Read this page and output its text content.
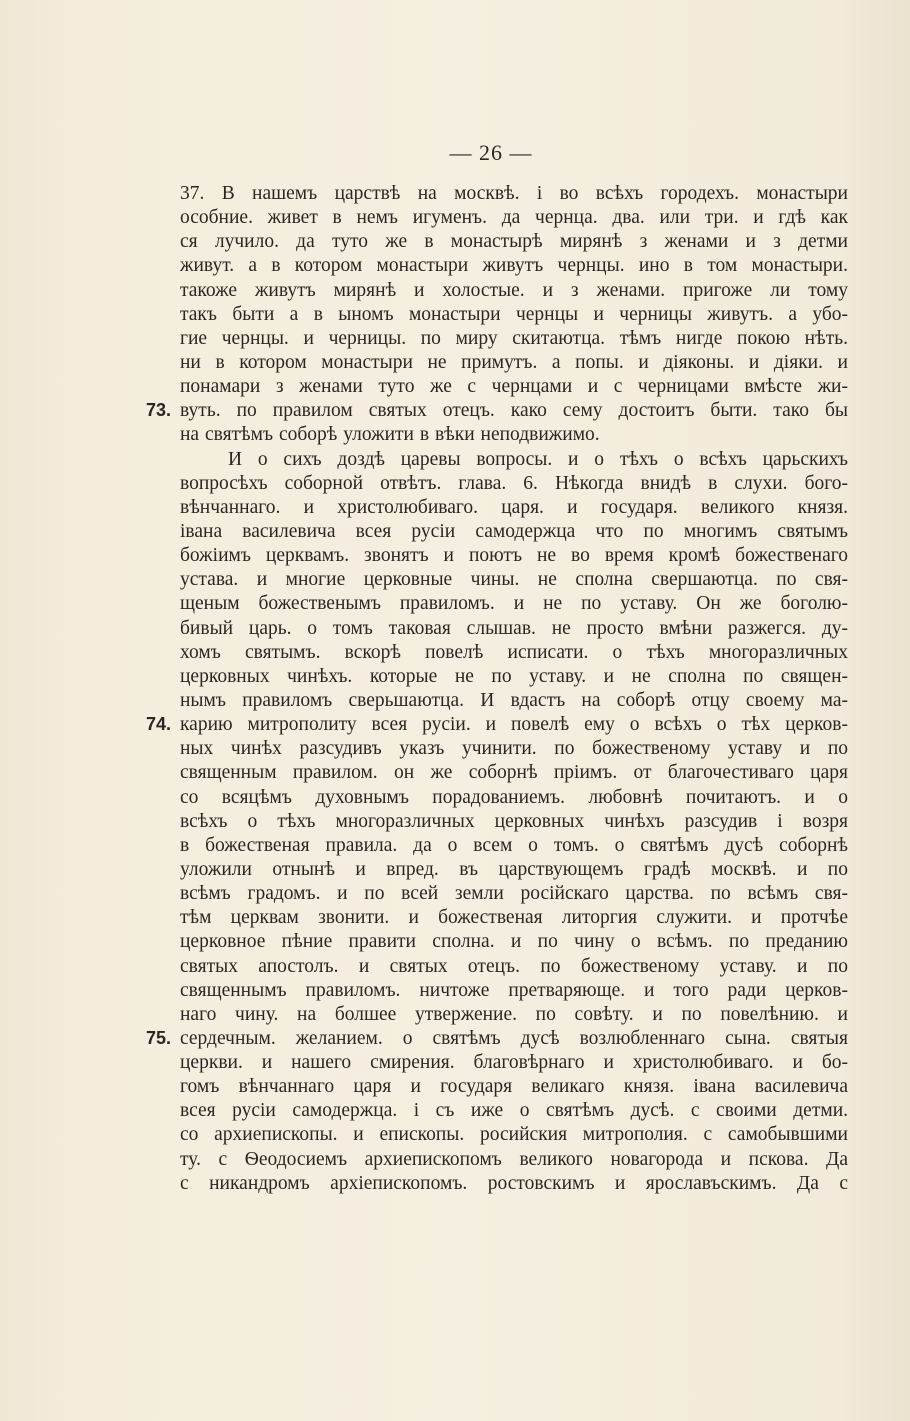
— 26 —
73.
74.
75.
37. В нашемъ царствѣ на москвѣ. і во всѣхъ городехъ. монастыри
особние. живет в немъ игуменъ. да чернца. два. или три. и гдѣ как
ся лучило. да туто же в монастырѣ мирянѣ з женами и з детми
живут. а в котором монастыри живутъ чернцы. ино в том монастыри.
такоже живутъ мирянѣ и холостые. и з женами. пригоже ли тому
такъ быти а в ыномъ монастыри чернцы и черницы живутъ. а убо-
гие чернцы. и черницы. по миру скитаютца. тѣмъ нигде покою нѣть.
ни в котором монастыри не примутъ. а попы. и діяконы. и діяки. и
понамари з женами туто же с чернцами и с черницами вмѣсте жи-
вуть. по правилом святых отецъ. како сему достоитъ быти. тако бы
на святѣмъ соборѣ уложити в вѣки неподвижимо.
И о сихъ доздѣ царевы вопросы. и о тѣхъ о всѣхъ царьскихъ
вопросѣхъ соборной отвѣтъ. глава. 6. Нѣкогда внидѣ в слухи. бого-
вѣнчаннаго. и христолюбиваго. царя. и государя. великого князя.
івана василевича всея русіи самодержца что по многимъ святымъ
божіимъ церквамъ. звонятъ и поютъ не во время кромѣ божественаго
устава. и многие церковные чины. не сполна свершаютца. по свя-
щеным божественымъ правиломъ. и не по уставу. Он же боголю-
бивый царь. о томъ таковая слышав. не просто вмѣни разжегся. ду-
хомъ святымъ. вскорѣ повелѣ исписати. о тѣхъ многоразличных
церковных чинѣхъ. которые не по уставу. и не сполна по священ-
нымъ правиломъ сверьшаютца. И вдастъ на соборѣ отцу своему ма-
карию митрополиту всея русіи. и повелѣ ему о всѣхъ о тѣх церков-
ных чинѣх разсудивъ указъ учинити. по божественому уставу и по
священным правилом. он же соборнѣ пріимъ. от благочестиваго царя
со всяцѣмъ духовнымъ порадованиемъ. любовнѣ почитаютъ. и о
всѣхъ о тѣхъ многоразличных церковных чинѣхъ разсудив і возря
в божественая правила. да о всем о томъ. о святѣмъ дусѣ соборнѣ
уложили отнынѣ и впред. въ царствующемъ градѣ москвѣ. и по
всѣмъ градомъ. и по всей земли російскаго царства. по всѣмъ свя-
тѣм церквам звонити. и божественая литоргия служити. и протчѣе
церковное пѣние правити сполна. и по чину о всѣмъ. по преданию
святых апостолъ. и святых отецъ. по божественому уставу. и по
священнымъ правиломъ. ничтоже претваряюще. и того ради церков-
наго чину. на болшее утвержение. по совѣту. и по повелѣнию. и
сердечным. желанием. о святѣмъ дусѣ возлюбленнаго сына. святыя
церкви. и нашего смирения. благовѣрнаго и христолюбиваго. и бо-
гомъ вѣнчаннаго царя и государя великаго князя. івана василевича
всея русіи самодержца. і съ иже о святѣмъ дусѣ. с своими детми.
со архиепископы. и епископы. росийския митрополия. с самобывшими
ту. с Ѳеодосиемъ архиепископомъ великого новагорода и пскова. Да
с никандромъ архіепископомъ. ростовскимъ и ярославъскимъ. Да с
